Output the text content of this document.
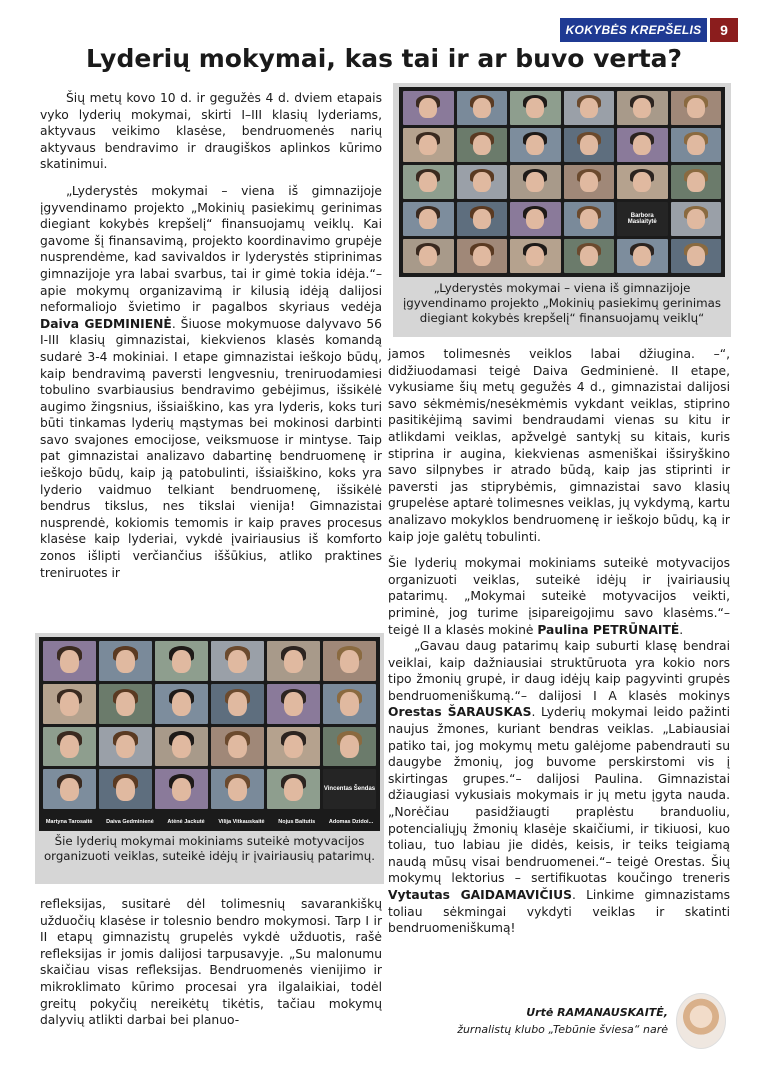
KOKYBĖS KREPŠELIS	9
Lyderių mokymai, kas tai ir ar buvo verta?

Šių metų kovo 10 d. ir gegužės 4 d. dviem etapais vyko lyderių mokymai, skirti I–III klasių lyderiams, aktyvaus veikimo klasėse, bendruomenės narių aktyvaus bendravimo ir draugiškos aplinkos kūrimo skatinimui.

„Lyderystės mokymai – viena iš gimnazijoje įgyvendinamo projekto „Mokinių pasiekimų gerinimas diegiant kokybės krepšelį“ finansuojamų veiklų. Kai gavome šį finansavimą, projekto koordinavimo grupėje nusprendėme, kad savivaldos ir lyderystės stiprinimas gimnazijoje yra labai svarbus, tai ir gimė tokia idėja.“– apie mokymų organizavimą ir kilusią idėją dalijosi neformaliojo švietimo ir pagalbos skyriaus vedėja Daiva GEDMINIENĖ. Šiuose mokymuose dalyvavo 56 I-III klasių gimnazistai, kiekvienos klasės komandą sudarė 3-4 mokiniai. I etape gimnazistai ieškojo būdų, kaip bendravimą paversti lengvesniu, treniruodamiesi tobulino svarbiausius bendravimo gebėjimus, išsikėlė augimo žingsnius, išsiaiškino, kas yra lyderis, koks turi būti tinkamas lyderių mąstymas bei mokinosi darbinti savo svajones emocijose, veiksmuose ir mintyse. Taip pat gimnazistai analizavo dabartinę bendruomenę ir ieškojo būdų, kaip ją patobulinti, išsiaiškino, koks yra lyderio vaidmuo telkiant bendruomenę, išsikėlė bendrus tikslus, nes tikslai vienija! Gimnazistai nusprendė, kokiomis temomis ir kaip praves procesus klasėse kaip lyderiai, vykdė įvairiausius iš komforto zonos išlipti verčiančius iššūkius, atliko praktines treniruotes ir

Barbora Maslaitytė
„Lyderystės mokymai – viena iš gimnazijoje įgyvendinamo projekto „Mokinių pasiekimų gerinimas diegiant kokybės krepšelį“ finansuojamų veiklų“

jamos tolimesnės veiklos labai džiugina. –“, didžiuodamasi teigė Daiva Gedminienė. II etape, vykusiame šių metų gegužės 4 d., gimnazistai dalijosi savo sėkmėmis/nesėkmėmis vykdant veiklas, stiprino pasitikėjimą savimi bendraudami vienas su kitu ir atlikdami veiklas, apžvelgė santykį su kitais, kuris stiprina ir augina, kiekvienas asmeniškai išsiryškino savo silpnybes ir atrado būdą, kaip jas stiprinti ir paversti jas stiprybėmis, gimnazistai savo klasių grupelėse aptarė tolimesnes veiklas, jų vykdymą, kartu analizavo mokyklos bendruomenę ir ieškojo būdų, ką ir kaip joje galėtų tobulinti.

Šie lyderių mokymai mokiniams suteikė motyvacijos organizuoti veiklas, suteikė idėjų ir įvairiausių patarimų. „Mokymai suteikė motyvacijos veikti, priminė, jog turime įsipareigojimu savo klasėms.“– teigė II a klasės mokinė Paulina PETRŪNAITĖ.

„Gavau daug patarimų kaip suburti klasę bendrai veiklai, kaip dažniausiai struktūruota yra kokio nors tipo žmonių grupė, ir daug idėjų kaip pagyvinti grupės bendruomeniškumą.“– dalijosi I A klasės mokinys Orestas ŠARAUSKAS. Lyderių mokymai leido pažinti naujus žmones, kuriant bendras veiklas. „Labiausiai patiko tai, jog mokymų metu galėjome pabendrauti su daugybe žmonių, jog buvome perskirstomi vis į skirtingas grupes.“– dalijosi Paulina. Gimnazistai džiaugiasi vykusiais mokymais ir jų metu įgyta nauda. „Norėčiau pasidžiaugti praplėstu branduoliu, potencialiųjų žmonių klasėje skaičiumi, ir tikiuosi, kuo toliau, tuo labiau jie didės, keisis, ir teiks teigiamą naudą mūsų visai bendruomenei.“– teigė Orestas. Šių mokymų lektorius – sertifikuotas koučingo treneris Vytautas GAIDAMAVIČIUS. Linkime gimnazistams toliau sėkmingai vykdyti veiklas ir skatinti bendruomeniškumą!

Vincentas Šendas
Martyna Tarosaitė Daiva Gedminienė Atėnė Jackutė Vilija Vitkauskaitė Nojus Baltutis Adomas Dzidoi...
Šie lyderių mokymai mokiniams suteikė motyvacijos organizuoti veiklas, suteikė idėjų ir įvairiausių patarimų.

refleksijas, susitarė dėl tolimesnių savarankiškų užduočių klasėse ir tolesnio bendro mokymosi. Tarp I ir II etapų gimnazistų grupelės vykdė užduotis, rašė refleksijas ir jomis dalijosi tarpusavyje. „Su malonumu skaičiau visas refleksijas. Bendruomenės vienijimo ir mikroklimato kūrimo procesai yra ilgalaikiai, todėl greitų pokyčių nereikėtų tikėtis, tačiau mokymų dalyvių atlikti darbai bei planuo-

Urtė RAMANAUSKAITĖ,
žurnalistų klubo „Tebūnie šviesa“ narė
